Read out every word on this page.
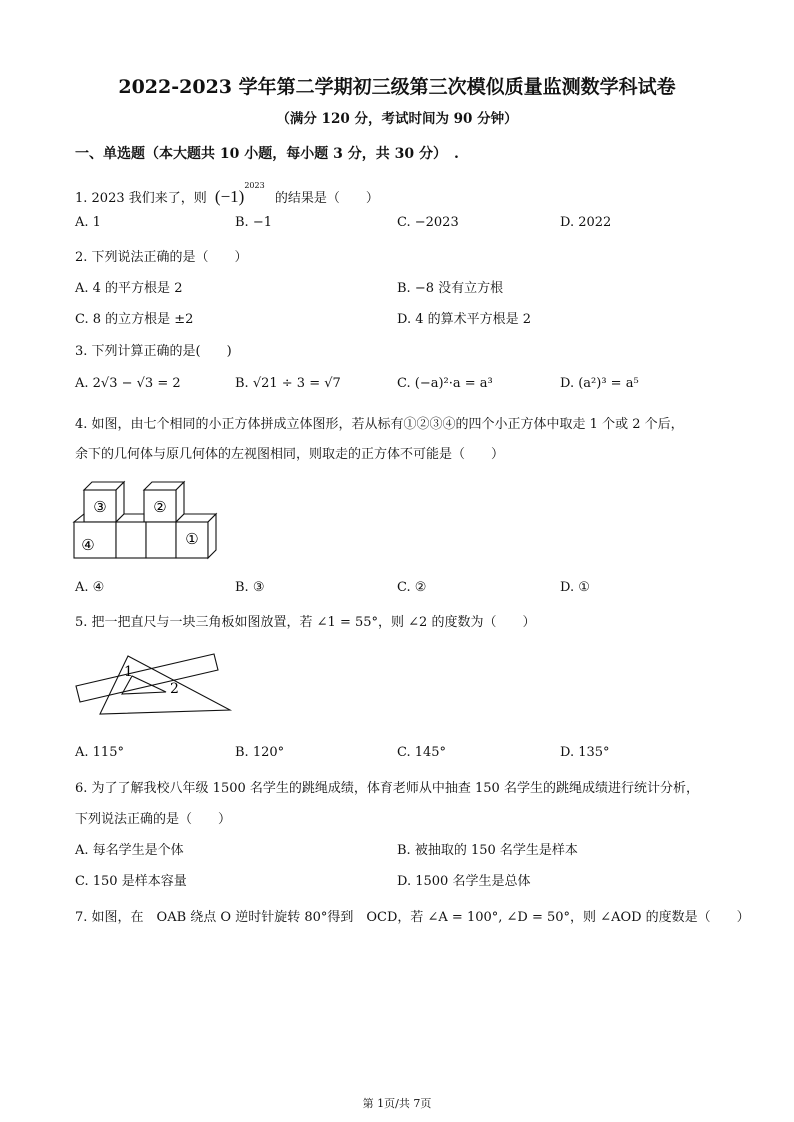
2022-2023 学年第二学期初三级第三次模似质量监测数学科试卷
（满分 120 分，考试时间为 90 分钟）
一、单选题（本大题共 10 小题，每小题 3 分，共 30 分）　.
1. 2023 我们来了，则 $(-1)^{2023}$ 的结果是（　　）
A. 1	B. −1	C. −2023	D. 2022
2. 下列说法正确的是（　　）
A. 4 的平方根是 2	B. −8 没有立方根
C. 8 的立方根是 ±2	D. 4 的算术平方根是 2
3. 下列计算正确的是(　　)
A. 2√3 − √3 = 2	B. √21 ÷ 3 = √7	C. (−a)²·a = a³	D. (a²)³ = a⁵
4. 如图，由七个相同的小正方体拼成立体图形，若从标有①②③④的四个小正方体中取走 1 个或 2 个后，
余下的几何体与原几何体的左视图相同，则取走的正方体不可能是（　　）
③	②
④	①
A. ④	B. ③	C. ②	D. ①
5. 把一把直尺与一块三角板如图放置，若 ∠1 = 55°，则 ∠2 的度数为（　　）
1
2
A. 115°	B. 120°	C. 145°	D. 135°
6. 为了了解我校八年级 1500 名学生的跳绳成绩，体育老师从中抽查 150 名学生的跳绳成绩进行统计分析，
下列说法正确的是（　　）
A. 每名学生是个体	B. 被抽取的 150 名学生是样本
C. 150 是样本容量	D. 1500 名学生是总体
7. 如图，在　OAB 绕点 O 逆时针旋转 80°得到　OCD，若 ∠A = 100°, ∠D = 50°，则 ∠AOD 的度数是（　　）
第 1页/共 7页
